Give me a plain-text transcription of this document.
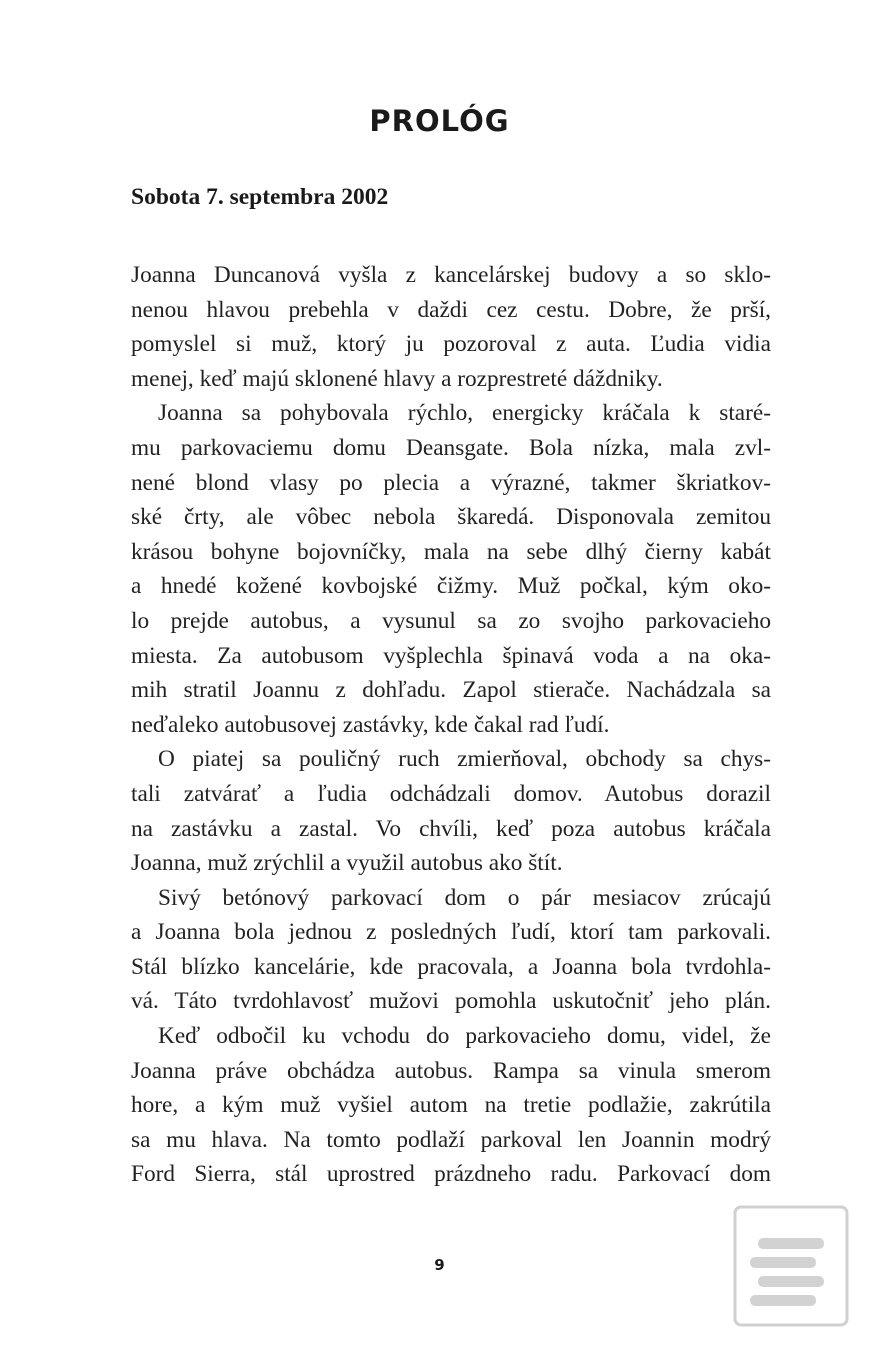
PROLÓG

Sobota 7. septembra 2002

Joanna Duncanová vyšla z kancelárskej budovy a so sklo-
nenou hlavou prebehla v daždi cez cestu. Dobre, že prší,
pomyslel si muž, ktorý ju pozoroval z auta. Ľudia vidia
menej, keď majú sklonené hlavy a rozprestreté dáždniky.
Joanna sa pohybovala rýchlo, energicky kráčala k staré-
mu parkovaciemu domu Deansgate. Bola nízka, mala zvl-
nené blond vlasy po plecia a výrazné, takmer škriatkov-
ské črty, ale vôbec nebola škaredá. Disponovala zemitou
krásou bohyne bojovníčky, mala na sebe dlhý čierny kabát
a hnedé kožené kovbojské čižmy. Muž počkal, kým oko-
lo prejde autobus, a vysunul sa zo svojho parkovacieho
miesta. Za autobusom vyšplechla špinavá voda a na oka-
mih stratil Joannu z dohľadu. Zapol stierače. Nachádzala sa
neďaleko autobusovej zastávky, kde čakal rad ľudí.
O piatej sa pouličný ruch zmierňoval, obchody sa chys-
tali zatvárať a ľudia odchádzali domov. Autobus dorazil
na zastávku a zastal. Vo chvíli, keď poza autobus kráčala
Joanna, muž zrýchlil a využil autobus ako štít.
Sivý betónový parkovací dom o pár mesiacov zrúcajú
a Joanna bola jednou z posledných ľudí, ktorí tam parkovali.
Stál blízko kancelárie, kde pracovala, a Joanna bola tvrdohla-
vá. Táto tvrdohlavosť mužovi pomohla uskutočniť jeho plán.
Keď odbočil ku vchodu do parkovacieho domu, videl, že
Joanna práve obchádza autobus. Rampa sa vinula smerom
hore, a kým muž vyšiel autom na tretie podlažie, zakrútila
sa mu hlava. Na tomto podlaží parkoval len Joannin modrý
Ford Sierra, stál uprostred prázdneho radu. Parkovací dom
9
